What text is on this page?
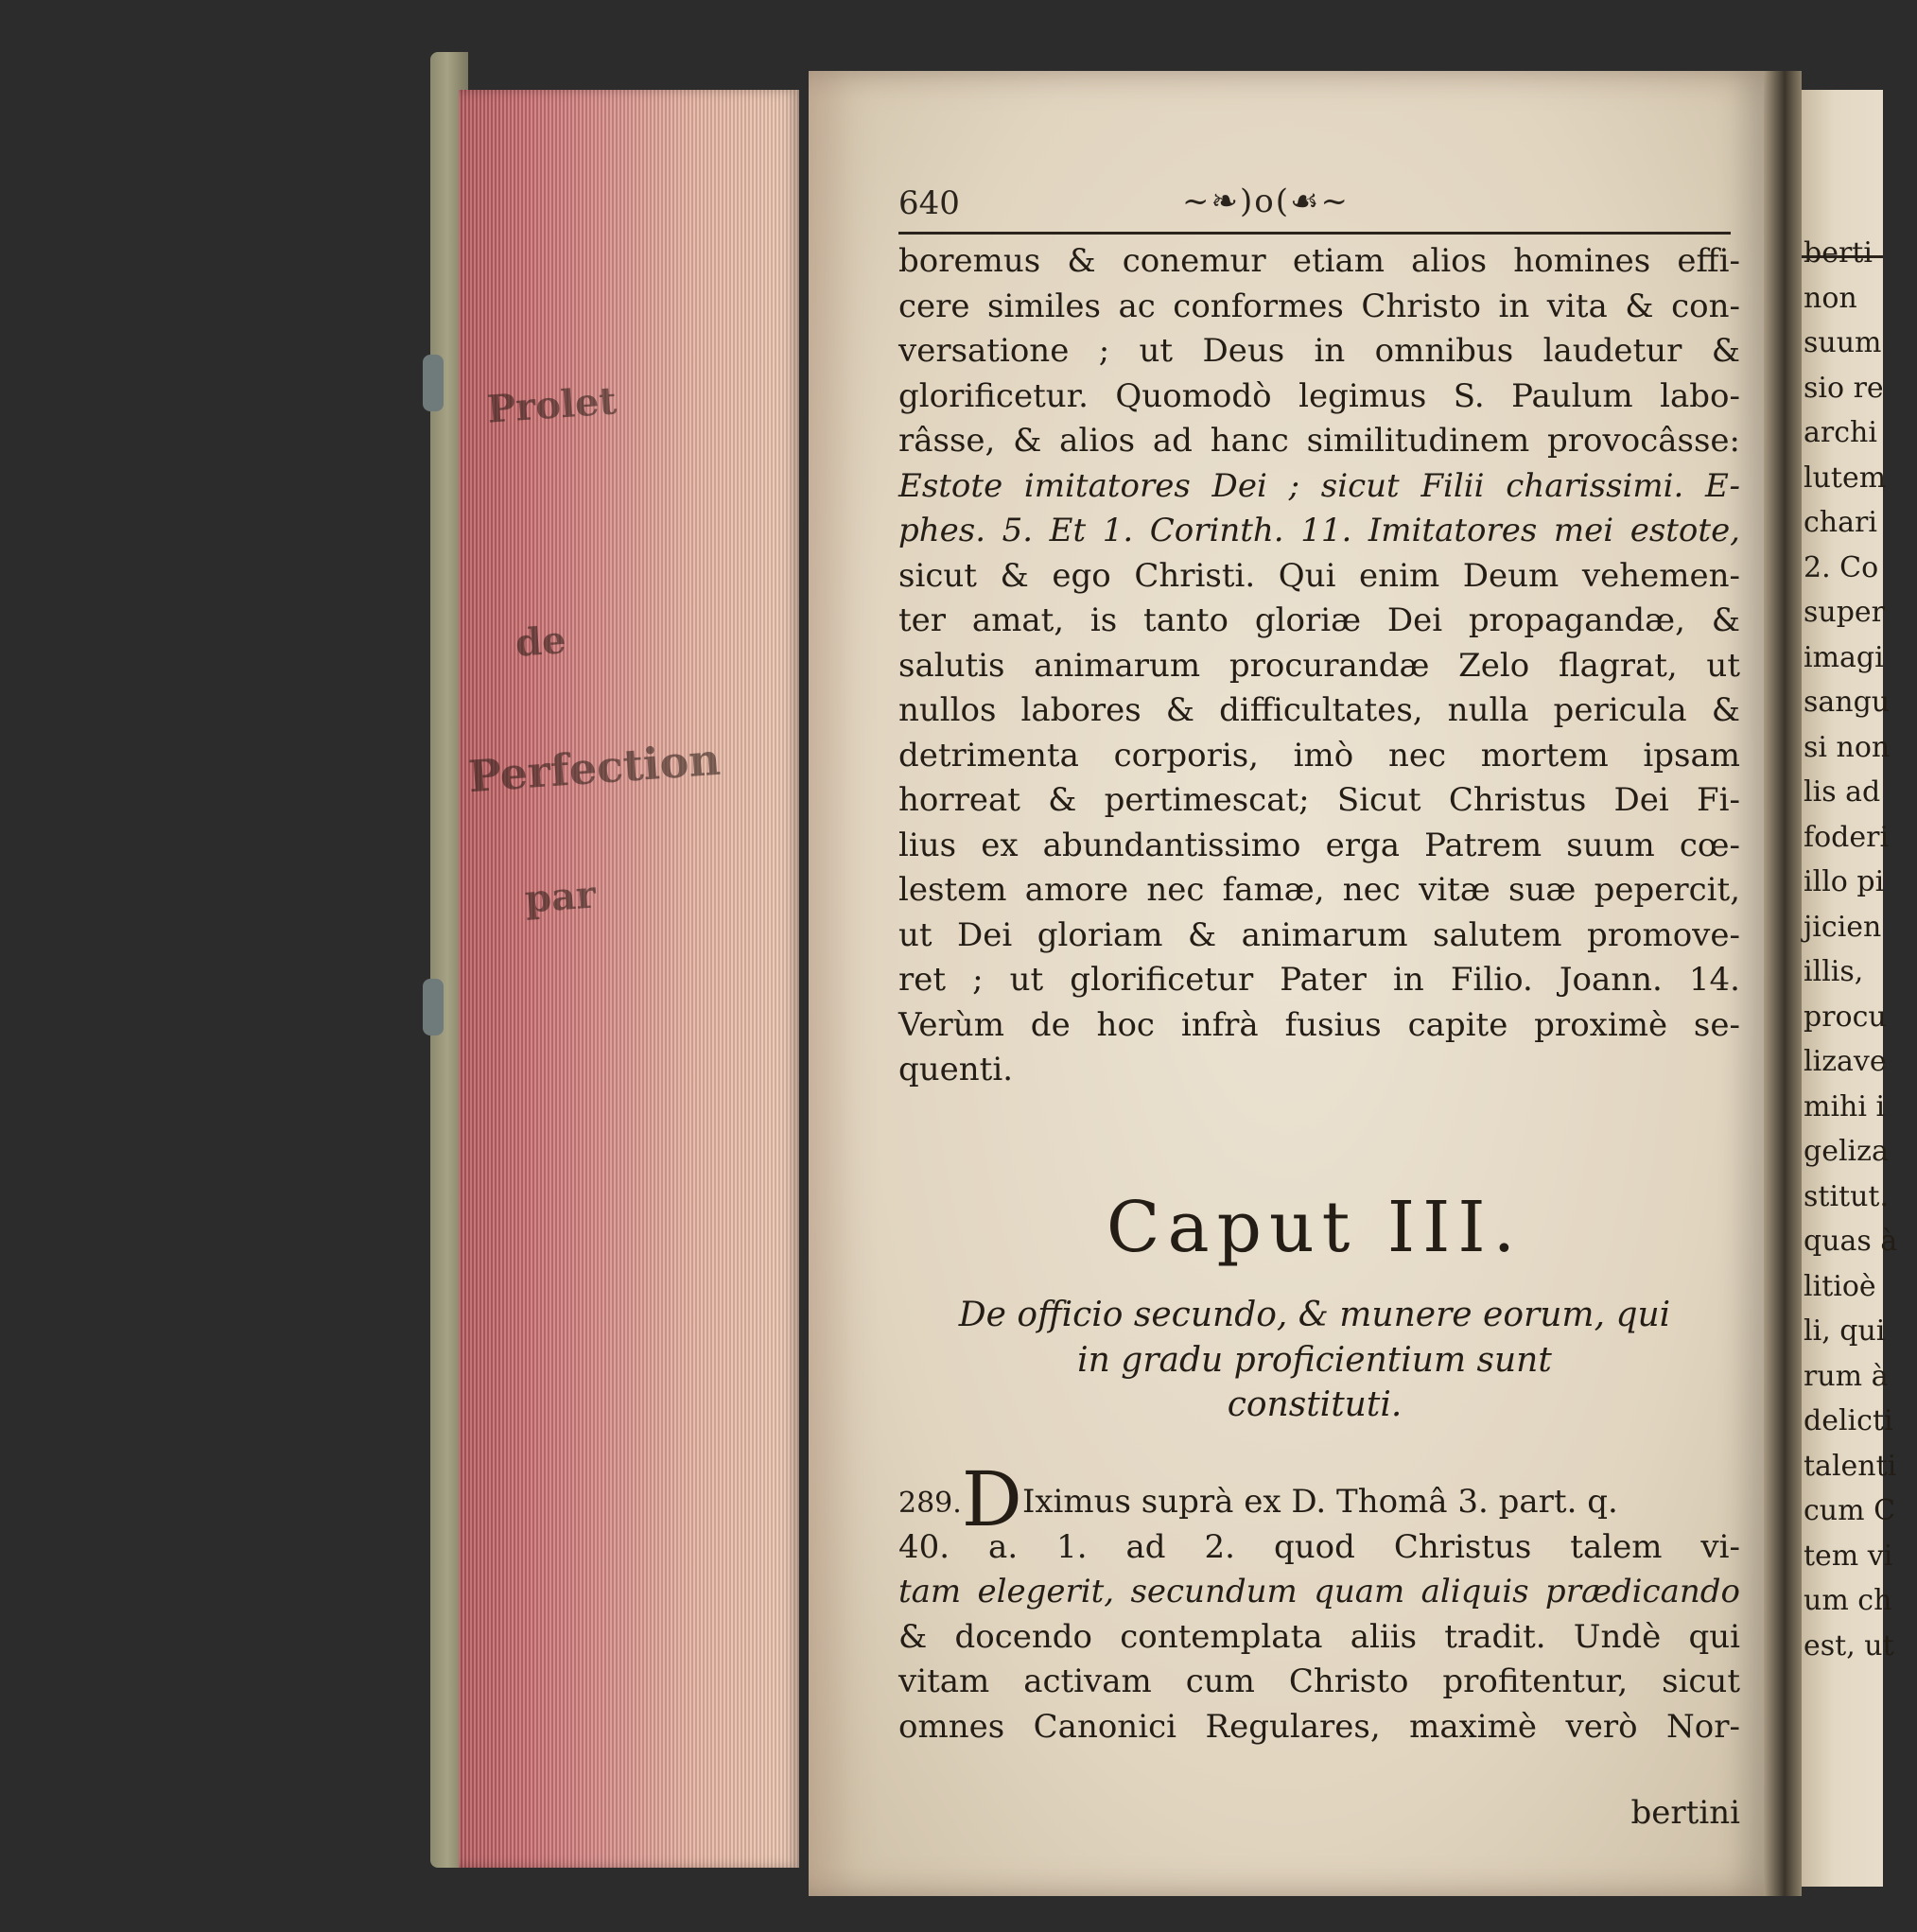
Prolet
de
Perfection
par
640	~❧)o(☙~
boremus & conemur etiam alios homines effi-
cere similes ac conformes Christo in vita & con-
versatione ; ut Deus in omnibus laudetur &
glorificetur. Quomodò legimus S. Paulum labo-
râsse, & alios ad hanc similitudinem provocâsse:
Estote imitatores Dei ; sicut Filii charissimi. E-
phes. 5. Et 1. Corinth. 11. Imitatores mei estote,
sicut & ego Christi. Qui enim Deum vehemen-
ter amat, is tanto gloriæ Dei propagandæ, &
salutis animarum procurandæ Zelo flagrat, ut
nullos labores & difficultates, nulla pericula &
detrimenta corporis, imò nec mortem ipsam
horreat & pertimescat; Sicut Christus Dei Fi-
lius ex abundantissimo erga Patrem suum cœ-
lestem amore nec famæ, nec vitæ suæ pepercit,
ut Dei gloriam & animarum salutem promove-
ret ; ut glorificetur Pater in Filio. Joann. 14.
Verùm de hoc infrà fusius capite proximè se-
quenti.
Caput III.
De officio secundo, & munere eorum, qui
in gradu proficientium sunt
constituti.
289.DIximus suprà ex D. Thomâ 3. part. q.
40. a. 1. ad 2. quod Christus talem vi-
tam elegerit, secundum quam aliquis prædicando
& docendo contemplata aliis tradit. Undè qui
vitam activam cum Christo profitentur, sicut
omnes Canonici Regulares, maximè verò Nor-
bertini
berti
non
suum
sio re
archi
lutem
chari
2. Co
super
imagi
sangu
si non
lis ad
foderi
illo pi
jicien
illis,
procu
lizave
mihi i
geliza
stitut.
quas à
litioè
li, qui
rum à
delicti
talenti
cum C
tem vi
um ch
est, ut
